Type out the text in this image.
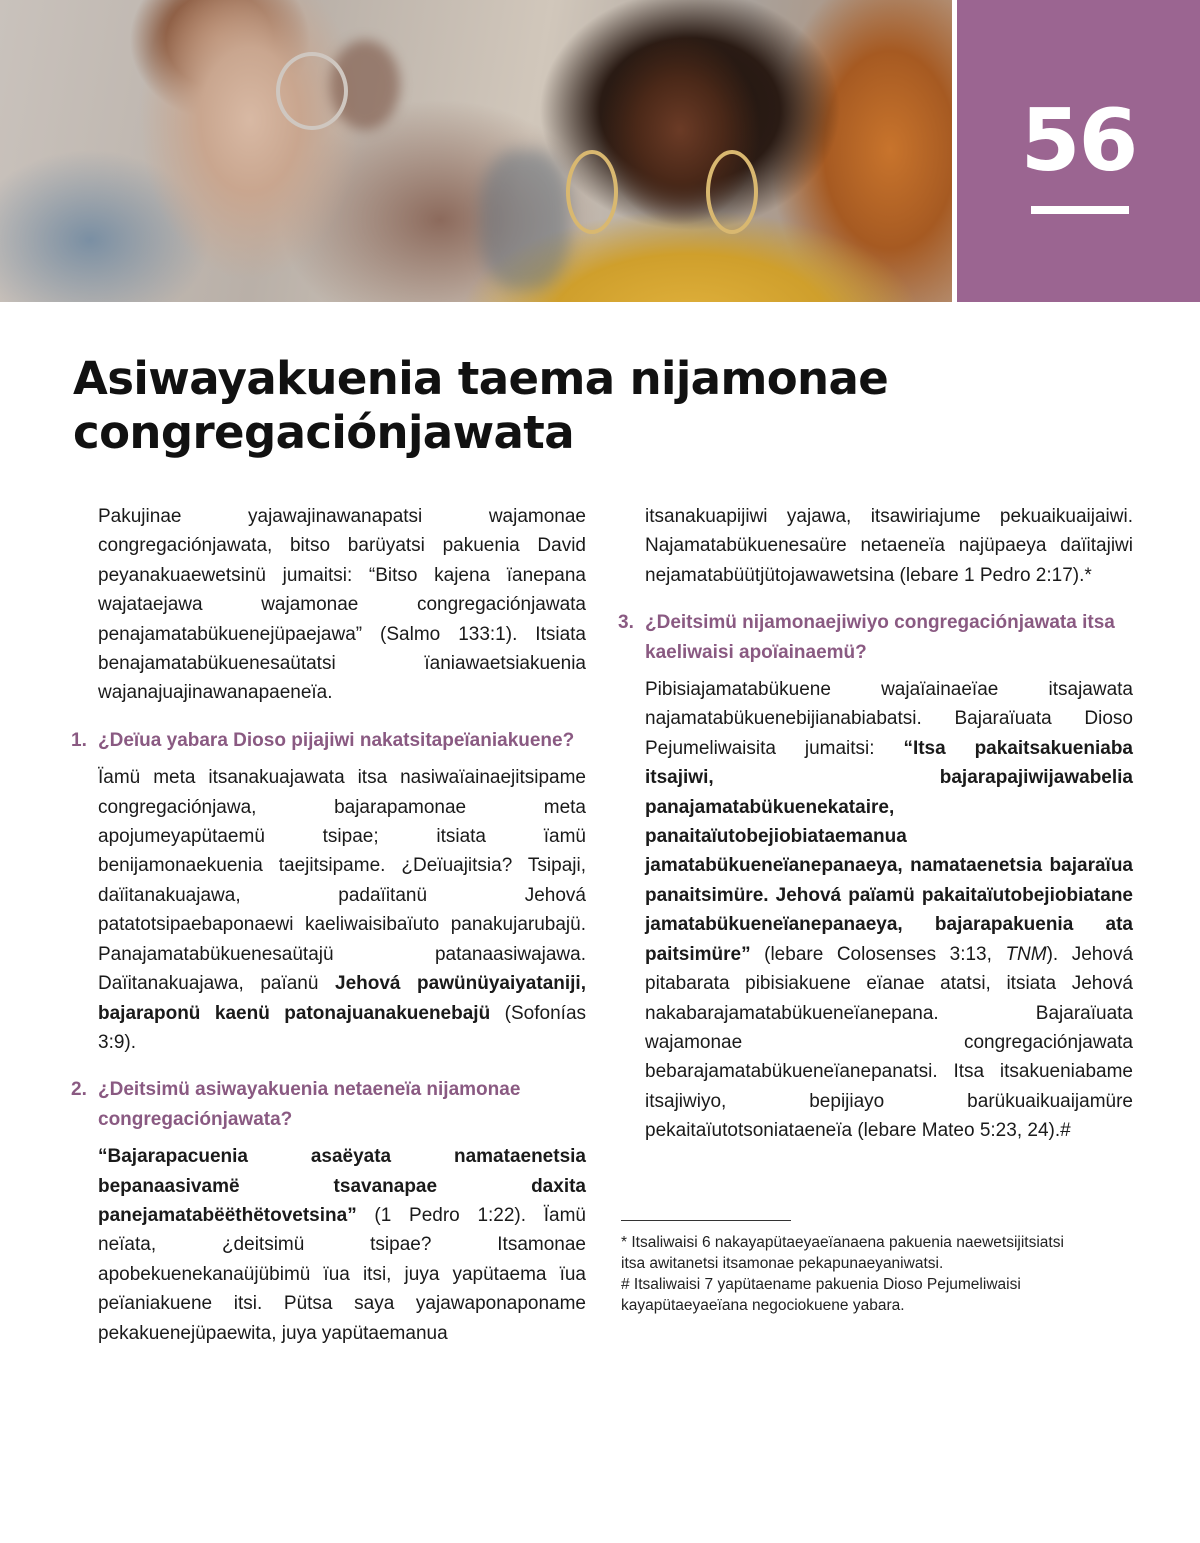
56
Asiwayakuenia taema nijamonae congregaciónjawata

Pakujinae yajawajinawanapatsi wajamonae congregaciónjawata, bitso barüyatsi pakuenia David peyanakuaewetsinü jumaitsi: “Bitso kajena ïanepana wajataejawa wajamonae congregaciónjawata penajamatabükuenejüpaejawa” (Salmo 133:1). Itsiata benajamatabükuenesaütatsi ïaniawaetsiakuenia wajanajuajinawanapaeneïa.

1. ¿Deïua yabara Dioso pijajiwi nakatsitapeïaniakuene?

Ïamü meta itsanakuajawata itsa nasiwaïainaejitsipame congregaciónjawa, bajarapamonae meta apojumeyapütaemü tsipae; itsiata ïamü benijamonaekuenia taejitsipame. ¿Deïuajitsia? Tsipaji, daïitanakuajawa, padaïitanü Jehová patatotsipaebaponaewi kaeliwaisibaïuto panakujarubajü. Panajamatabükuenesaütajü patanaasiwajawa. Daïitanakuajawa, païanü Jehová pawünüyaiyataniji, bajaraponü kaenü patonajuanakuenebajü (Sofonías 3:9).

2. ¿Deitsimü asiwayakuenia netaeneïa nijamonae congregaciónjawata?

“Bajarapacuenia asaëyata namataenetsia bepanaasivamë tsavanapae daxita panejamatabëëthëtovetsina” (1 Pedro 1:22). Ïamü neïata, ¿deitsimü tsipae? Itsamonae apobekuenekanaüjübimü ïua itsi, juya yapütaema ïua peïaniakuene itsi. Pütsa saya yajawaponaponame pekakuenejüpaewita, juya yapütaemanua

itsanakuapijiwi yajawa, itsawiriajume pekuaikuaijaiwi. Najamatabükuenesaüre netaeneïa najüpaeya daïitajiwi nejamatabüütjütojawawetsina (lebare 1 Pedro 2:17).*

3. ¿Deitsimü nijamonaejiwiyo congregaciónjawata itsa kaeliwaisi apoïainaemü?

Pibisiajamatabükuene wajaïainaeïae itsajawata najamatabükuenebijianabiabatsi. Bajaraïuata Dioso Pejumeliwaisita jumaitsi: “Itsa pakaitsakueniaba itsajiwi, bajarapajiwijawabelia panajamatabükuenekataire, panaitaïutobejiobiataemanua jamatabükueneïanepanaeya, namataenetsia bajaraïua panaitsimüre. Jehová païamü pakaitaïutobejiobiatane jamatabükueneïanepanaeya, bajarapakuenia ata paitsimüre” (lebare Colosenses 3:13, TNM). Jehová pitabarata pibisiakuene eïanae atatsi, itsiata Jehová nakabarajamatabükueneïanepana. Bajaraïuata wajamonae congregaciónjawata bebarajamatabükueneïanepanatsi. Itsa itsakueniabame itsajiwiyo, bepijiayo barükuaikuaijamüre pekaitaïutotsoniataeneïa (lebare Mateo 5:23, 24).#

* Itsaliwaisi 6 nakayapütaeyaeïanaena pakuenia naewetsijitsiatsi itsa awitanetsi itsamonae pekapunaeyaniwatsi.
# Itsaliwaisi 7 yapütaename pakuenia Dioso Pejumeliwaisi kayapütaeyaeïana negociokuene yabara.
